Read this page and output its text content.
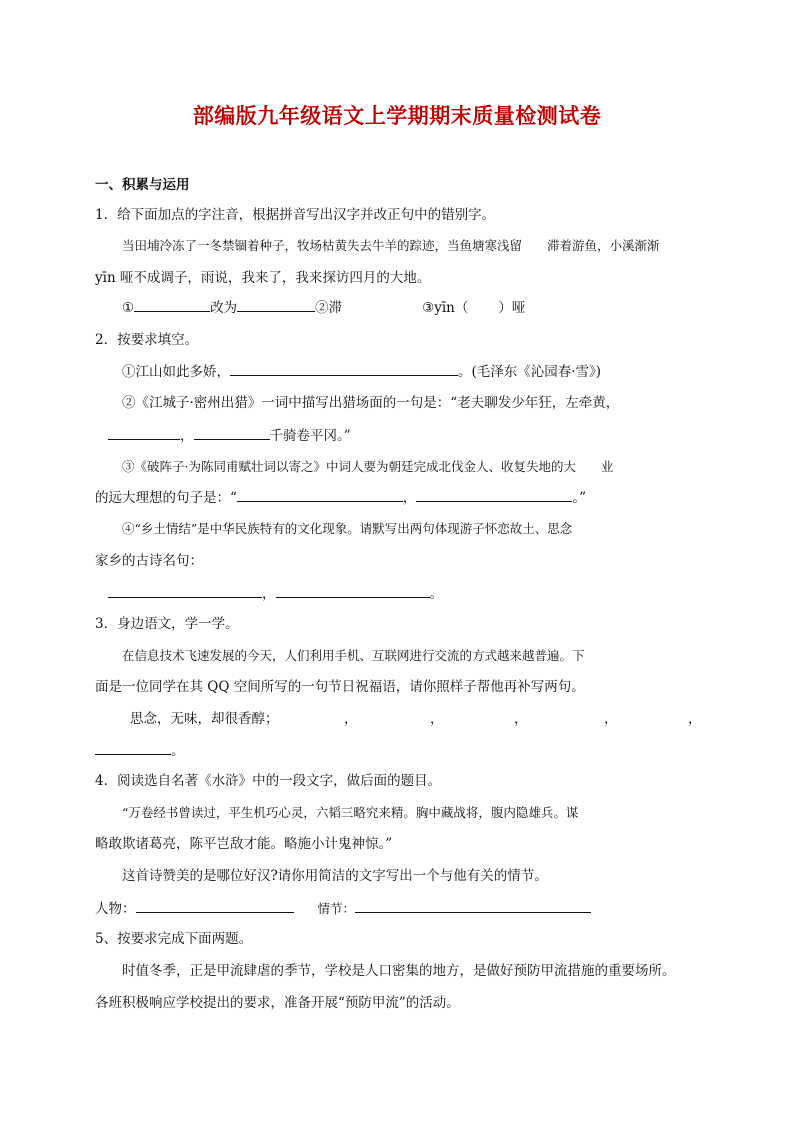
部编版九年级语文上学期期末质量检测试卷
一、积累与运用
1．给下面加点的字注音，根据拼音写出汉字并改正句中的错别字。
当田埔冷冻了一冬禁锢着种子，牧场枯黄失去牛羊的踪迹，当鱼塘寒浅留　　滞着游鱼，小溪渐渐
yīn 哑不成调子，雨说，我来了，我来探访四月的大地。
①	改为	②滞	③yīn（ ）哑
2．按要求填空。
①江山如此多娇，	。(毛泽东《沁园春·雪》)
②《江城子·密州出猎》一词中描写出猎场面的一句是：“老夫聊发少年狂，左牵黄，
，	千骑卷平冈。”
③《破阵子·为陈同甫赋壮词以寄之》中词人要为朝廷完成北伐金人、收复失地的大　　业
的远大理想的句子是：“	，	。”
④“乡土情结”是中华民族特有的文化现象。请默写出两句体现游子怀恋故土、思念
家乡的古诗名句：
，	。
3．身边语文，学一学。
在信息技术飞速发展的今天，人们利用手机、互联网进行交流的方式越来越普遍。下
面是一位同学在其 QQ 空间所写的一句节日祝福语，请你照样子帮他再补写两句。
思念，无味，却很香醇；	，	，	，	，	，
。
4．阅读选自名著《水浒》中的一段文字，做后面的题目。
“万卷经书曾读过，平生机巧心灵，六韬三略究来精。胸中藏战将，腹内隐雄兵。谋
略敢欺诸葛亮，陈平岂敌才能。略施小计鬼神惊。”
这首诗赞美的是哪位好汉?请你用简洁的文字写出一个与他有关的情节。
人物：	情节：
5、按要求完成下面两题。
时值冬季，正是甲流肆虐的季节，学校是人口密集的地方，是做好预防甲流措施的重要场所。
各班积极响应学校提出的要求，准备开展“预防甲流”的活动。
